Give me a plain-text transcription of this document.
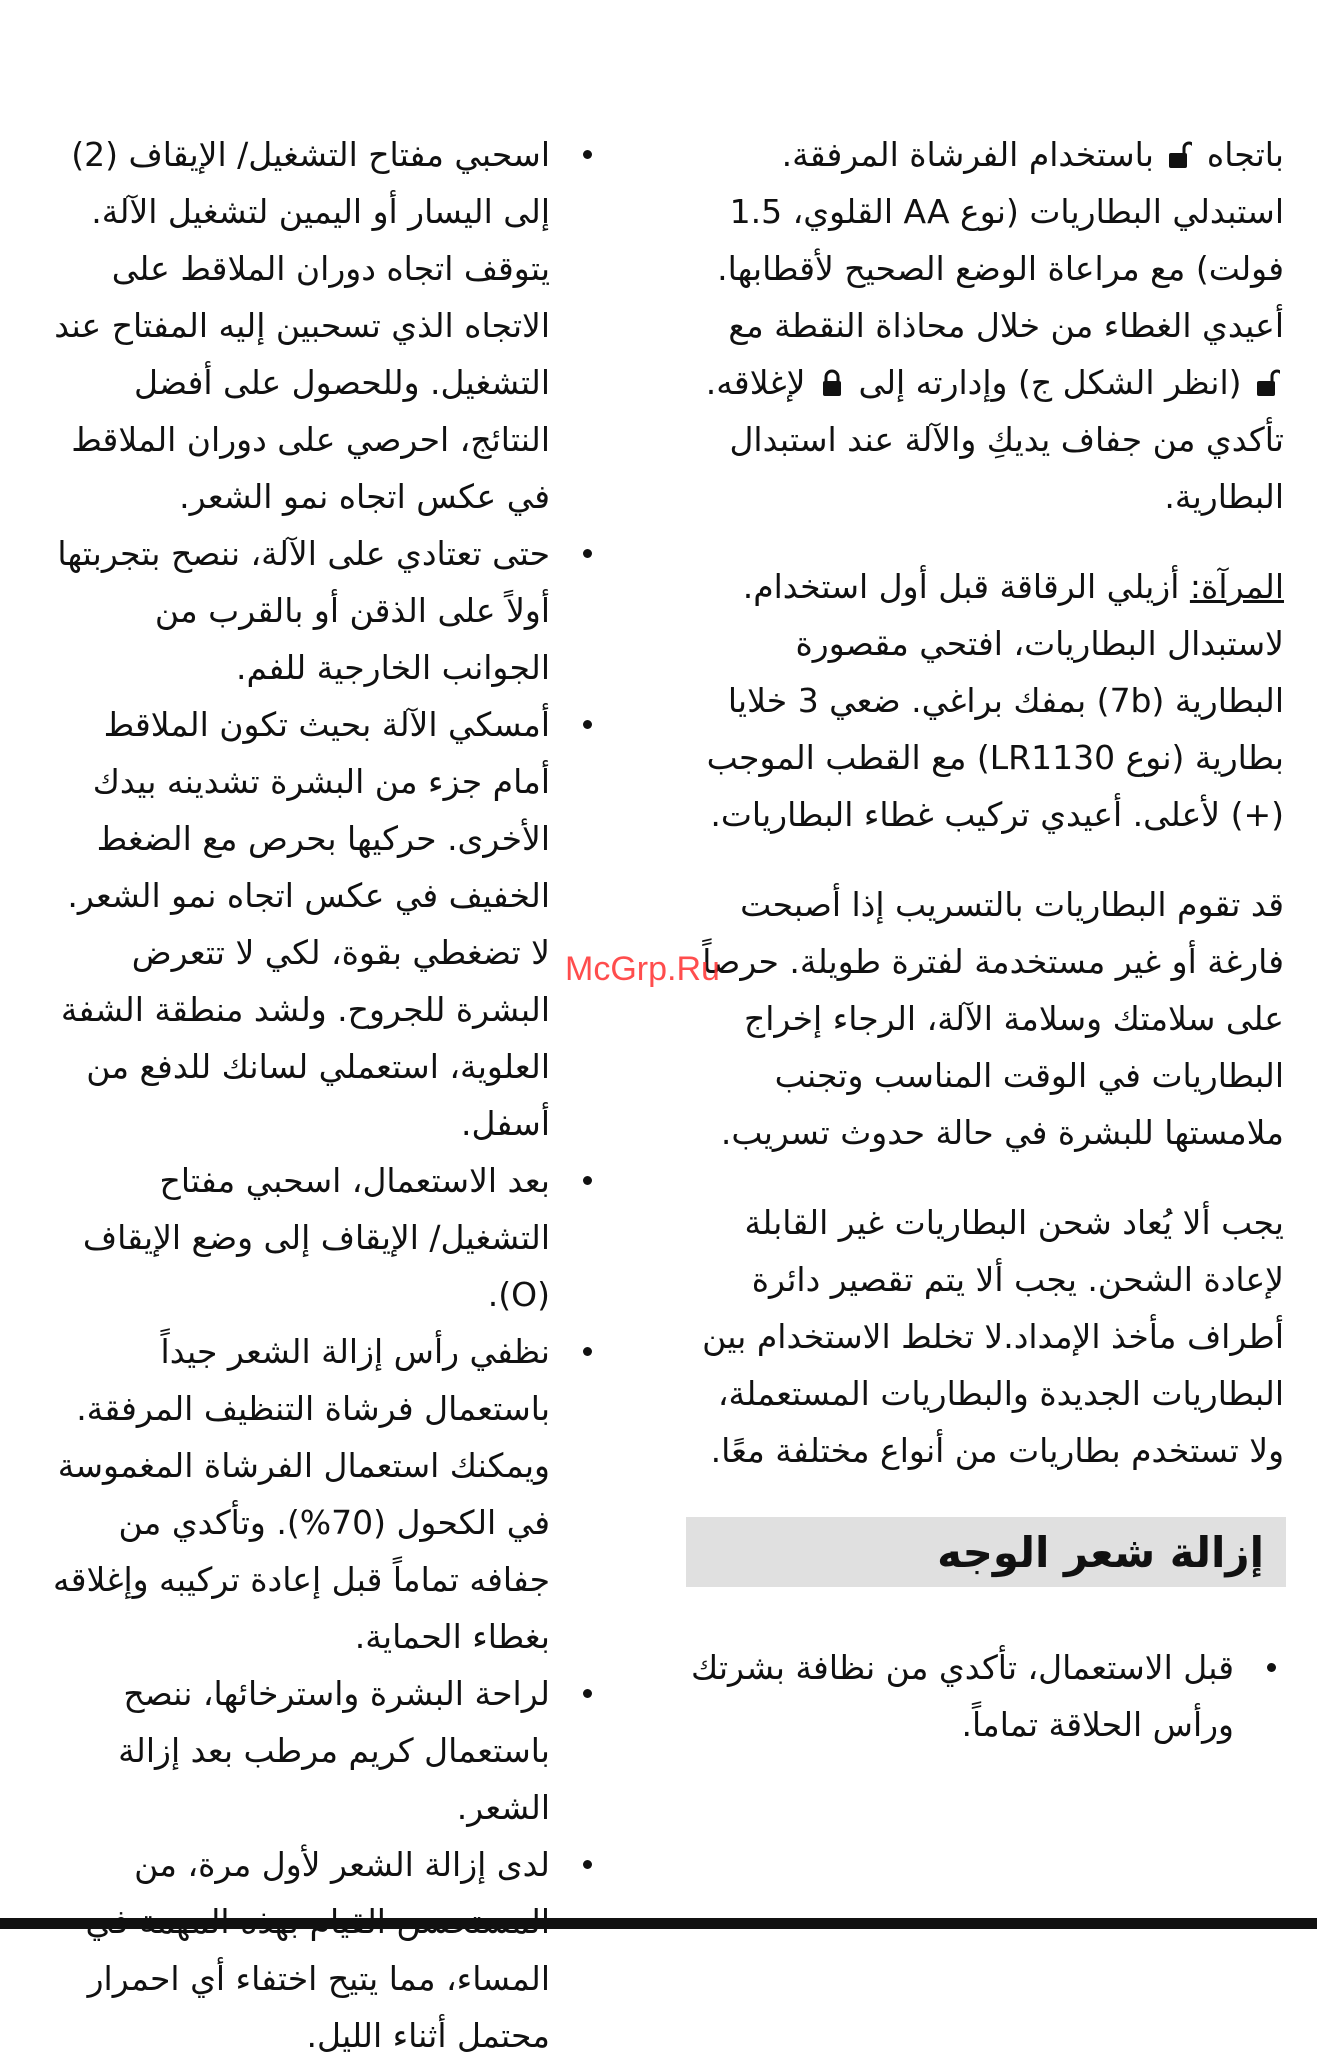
باتجاه  باستخدام الفرشاة المرفقة. استبدلي البطاريات (نوع AA القلوي، 1.5 فولت) مع مراعاة الوضع الصحيح لأقطابها.

أعيدي الغطاء من خلال محاذاة النقطة مع  (انظر الشكل ج) وإدارته إلى  لإغلاقه. تأكدي من جفاف يديكِ والآلة عند استبدال البطارية.

المرآة: أزيلي الرقاقة قبل أول استخدام. لاستبدال البطاريات، افتحي مقصورة البطارية (7b) بمفك براغي. ضعي 3 خلايا بطارية (نوع LR1130) مع القطب الموجب (+) لأعلى. أعيدي تركيب غطاء البطاريات.

قد تقوم البطاريات بالتسريب إذا أصبحت فارغة أو غير مستخدمة لفترة طويلة. حرصاً على سلامتك وسلامة الآلة، الرجاء إخراج البطاريات في الوقت المناسب وتجنب ملامستها للبشرة في حالة حدوث تسريب.

يجب ألا يُعاد شحن البطاريات غير القابلة لإعادة الشحن. يجب ألا يتم تقصير دائرة أطراف مأخذ الإمداد.لا تخلط الاستخدام بين البطاريات الجديدة والبطاريات المستعملة، ولا تستخدم بطاريات من أنواع مختلفة معًا.

إزالة شعر الوجه
قبل الاستعمال، تأكدي من نظافة بشرتك ورأس الحلاقة تماماً.
اسحبي مفتاح التشغيل/ الإيقاف (2) إلى اليسار أو اليمين لتشغيل الآلة. يتوقف اتجاه دوران الملاقط على الاتجاه الذي تسحبين إليه المفتاح عند التشغيل. وللحصول على أفضل النتائج، احرصي على دوران الملاقط في عكس اتجاه نمو الشعر.
حتى تعتادي على الآلة، ننصح بتجربتها أولاً على الذقن أو بالقرب من الجوانب الخارجية للفم.
أمسكي الآلة بحيث تكون الملاقط أمام جزء من البشرة تشدينه بيدك الأخرى. حركيها بحرص مع الضغط الخفيف في عكس اتجاه نمو الشعر. لا تضغطي بقوة، لكي لا تتعرض البشرة للجروح. ولشد منطقة الشفة العلوية، استعملي لسانك للدفع من أسفل.
بعد الاستعمال، اسحبي مفتاح التشغيل/ الإيقاف إلى وضع الإيقاف (O).
نظفي رأس إزالة الشعر جيداً باستعمال فرشاة التنظيف المرفقة. ويمكنك استعمال الفرشاة المغموسة في الكحول (70%). وتأكدي من جفافه تماماً قبل إعادة تركيبه وإغلاقه بغطاء الحماية.
لراحة البشرة واسترخائها، ننصح باستعمال كريم مرطب بعد إزالة الشعر.
لدى إزالة الشعر لأول مرة، من المساء، مما يتيح اختفاء أي احمرار محتمل أثناء الليل.
McGrp.Ru
